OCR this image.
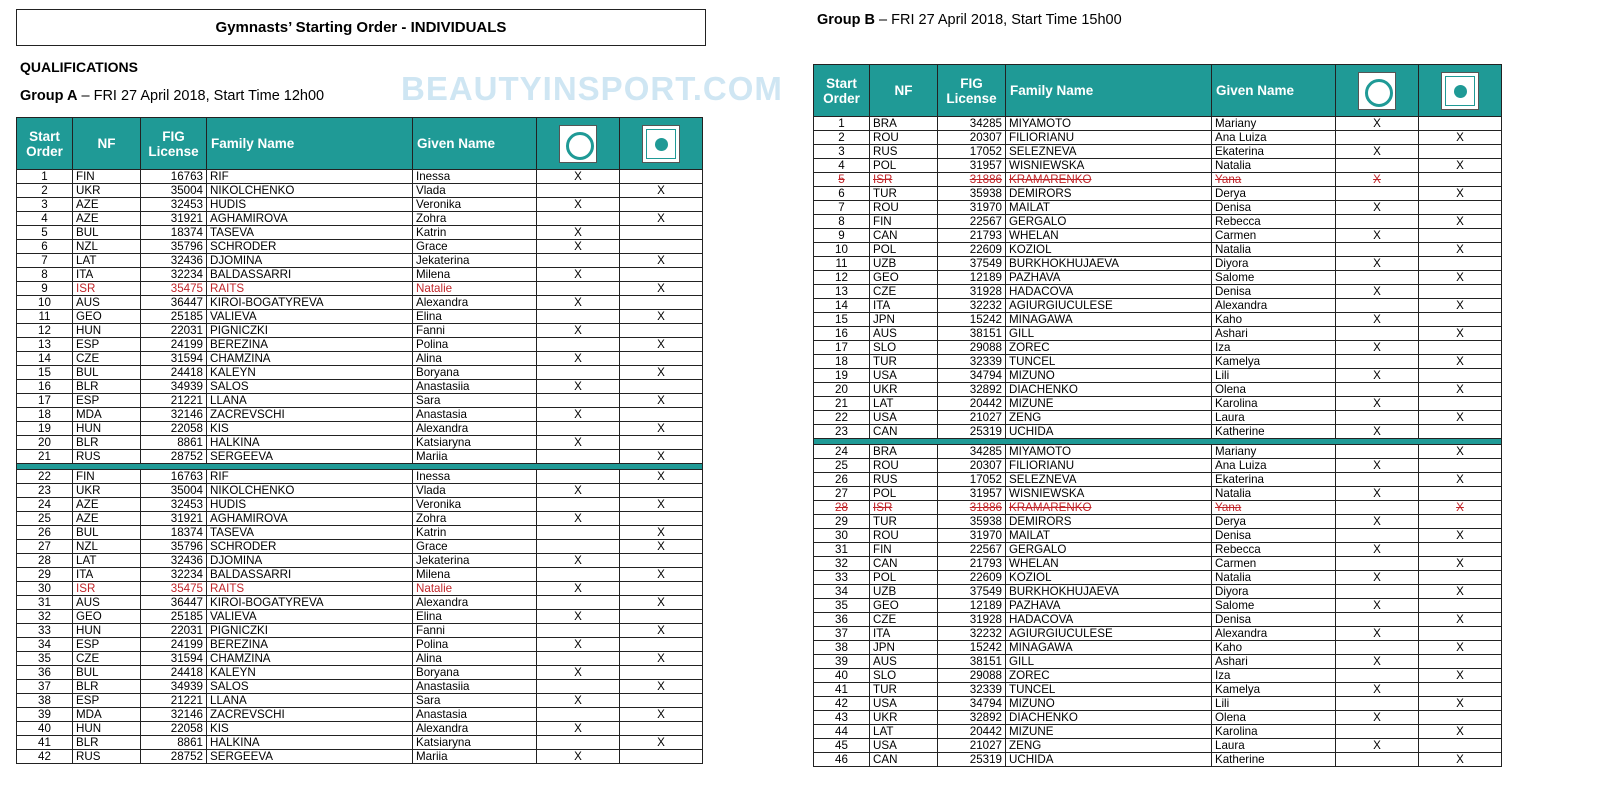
Gymnasts’ Starting Order - INDIVIDUALS
QUALIFICATIONS
Group A – FRI 27 April 2018, Start Time 12h00 BEAUTYINSPORT.COM
Group B – FRI 27 April 2018, Start Time 15h00
Start Order	NF	FIG License	Family Name	Given Name	

1	FIN	16763	RIF	Inessa	X	
2	UKR	35004	NIKOLCHENKO	Vlada		X
3	AZE	32453	HUDIS	Veronika	X	
4	AZE	31921	AGHAMIROVA	Zohra		X
5	BUL	18374	TASEVA	Katrin	X	
6	NZL	35796	SCHRODER	Grace	X	
7	LAT	32436	DJOMINA	Jekaterina		X
8	ITA	32234	BALDASSARRI	Milena	X	
9	ISR	35475	RAITS	Natalie		X
10	AUS	36447	KIROI-BOGATYREVA	Alexandra	X	
11	GEO	25185	VALIEVA	Elina		X
12	HUN	22031	PIGNICZKI	Fanni	X	
13	ESP	24199	BEREZINA	Polina		X
14	CZE	31594	CHAMZINA	Alina	X	
15	BUL	24418	KALEYN	Boryana		X
16	BLR	34939	SALOS	Anastasiia	X	
17	ESP	21221	LLANA	Sara		X
18	MDA	32146	ZACREVSCHI	Anastasia	X	
19	HUN	22058	KIS	Alexandra		X
20	BLR	8861	HALKINA	Katsiaryna	X	
21	RUS	28752	SERGEEVA	Mariia		X

22	FIN	16763	RIF	Inessa		X
23	UKR	35004	NIKOLCHENKO	Vlada	X	
24	AZE	32453	HUDIS	Veronika		X
25	AZE	31921	AGHAMIROVA	Zohra	X	
26	BUL	18374	TASEVA	Katrin		X
27	NZL	35796	SCHRODER	Grace		X
28	LAT	32436	DJOMINA	Jekaterina	X	
29	ITA	32234	BALDASSARRI	Milena		X
30	ISR	35475	RAITS	Natalie	X	
31	AUS	36447	KIROI-BOGATYREVA	Alexandra		X
32	GEO	25185	VALIEVA	Elina	X	
33	HUN	22031	PIGNICZKI	Fanni		X
34	ESP	24199	BEREZINA	Polina	X	
35	CZE	31594	CHAMZINA	Alina		X
36	BUL	24418	KALEYN	Boryana	X	
37	BLR	34939	SALOS	Anastasiia		X
38	ESP	21221	LLANA	Sara	X	
39	MDA	32146	ZACREVSCHI	Anastasia		X
40	HUN	22058	KIS	Alexandra	X	
41	BLR	8861	HALKINA	Katsiaryna		X
42	RUS	28752	SERGEEVA	Mariia	X	
Start Order	NF	FIG License	Family Name	Given Name	

1	BRA	34285	MIYAMOTO	Mariany	X	
2	ROU	20307	FILIORIANU	Ana Luiza		X
3	RUS	17052	SELEZNEVA	Ekaterina	X	
4	POL	31957	WISNIEWSKA	Natalia		X
5	ISR	31886	KRAMARENKO	Yana	X	
6	TUR	35938	DEMIRORS	Derya		X
7	ROU	31970	MAILAT	Denisa	X	
8	FIN	22567	GERGALO	Rebecca		X
9	CAN	21793	WHELAN	Carmen	X	
10	POL	22609	KOZIOL	Natalia		X
11	UZB	37549	BURKHOKHUJAEVA	Diyora	X	
12	GEO	12189	PAZHAVA	Salome		X
13	CZE	31928	HADACOVA	Denisa	X	
14	ITA	32232	AGIURGIUCULESE	Alexandra		X
15	JPN	15242	MINAGAWA	Kaho	X	
16	AUS	38151	GILL	Ashari		X
17	SLO	29088	ZOREC	Iza	X	
18	TUR	32339	TUNCEL	Kamelya		X
19	USA	34794	MIZUNO	Lili	X	
20	UKR	32892	DIACHENKO	Olena		X
21	LAT	20442	MIZUNE	Karolina	X	
22	USA	21027	ZENG	Laura		X
23	CAN	25319	UCHIDA	Katherine	X	

24	BRA	34285	MIYAMOTO	Mariany		X
25	ROU	20307	FILIORIANU	Ana Luiza	X	
26	RUS	17052	SELEZNEVA	Ekaterina		X
27	POL	31957	WISNIEWSKA	Natalia	X	
28	ISR	31886	KRAMARENKO	Yana		X
29	TUR	35938	DEMIRORS	Derya	X	
30	ROU	31970	MAILAT	Denisa		X
31	FIN	22567	GERGALO	Rebecca	X	
32	CAN	21793	WHELAN	Carmen		X
33	POL	22609	KOZIOL	Natalia	X	
34	UZB	37549	BURKHOKHUJAEVA	Diyora		X
35	GEO	12189	PAZHAVA	Salome	X	
36	CZE	31928	HADACOVA	Denisa		X
37	ITA	32232	AGIURGIUCULESE	Alexandra	X	
38	JPN	15242	MINAGAWA	Kaho		X
39	AUS	38151	GILL	Ashari	X	
40	SLO	29088	ZOREC	Iza		X
41	TUR	32339	TUNCEL	Kamelya	X	
42	USA	34794	MIZUNO	Lili		X
43	UKR	32892	DIACHENKO	Olena	X	
44	LAT	20442	MIZUNE	Karolina		X
45	USA	21027	ZENG	Laura	X	
46	CAN	25319	UCHIDA	Katherine		X
